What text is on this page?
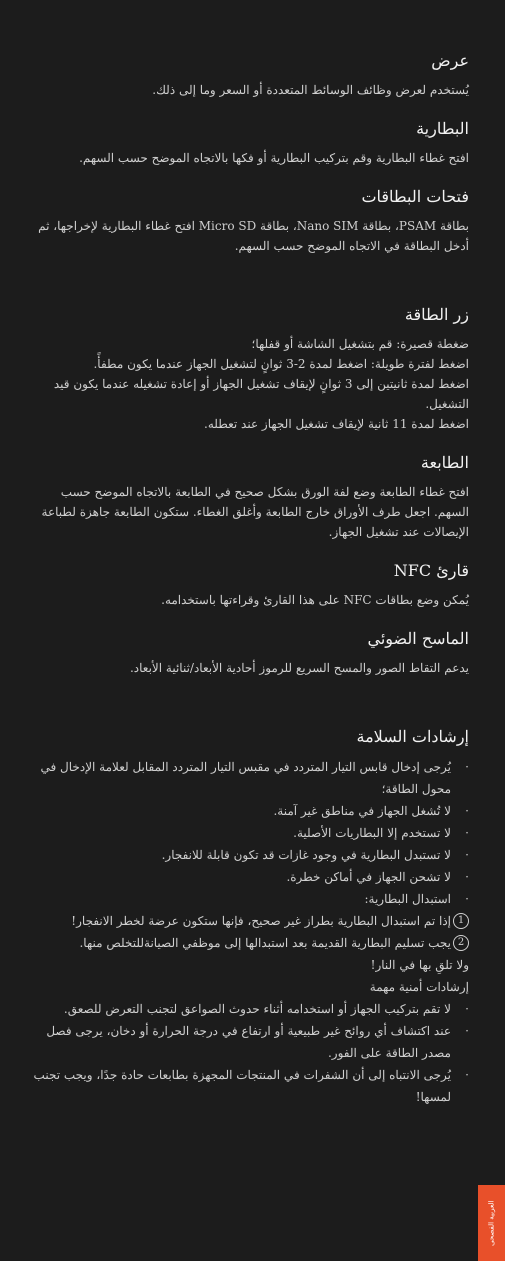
عرض

يُستخدم لعرض وظائف الوسائط المتعددة أو السعر وما إلى ذلك.

البطارية

افتح غطاء البطارية وقم بتركيب البطارية أو فكها بالاتجاه الموضح حسب السهم.

فتحات البطاقات

بطاقة PSAM، بطاقة Nano SIM، بطاقة Micro SD افتح غطاء البطارية لإخراجها، ثم أدخل البطاقة في الاتجاه الموضح حسب السهم.

زر الطاقة
ضغطة قصيرة: قم بتشغيل الشاشة أو قفلها؛
اضغط لفترة طويلة: اضغط لمدة 2-3 ثوانٍ لتشغيل الجهاز عندما يكون مطفأً.
اضغط لمدة ثانيتين إلى 3 ثوانٍ لإيقاف تشغيل الجهاز أو إعادة تشغيله عندما يكون قيد التشغيل.
اضغط لمدة 11 ثانية لإيقاف تشغيل الجهاز عند تعطله.
الطابعة

افتح غطاء الطابعة وضع لفة الورق بشكل صحيح في الطابعة بالاتجاه الموضح حسب السهم. اجعل طرف الأوراق خارج الطابعة وأغلق الغطاء. ستكون الطابعة جاهزة لطباعة الإيصالات عند تشغيل الجهاز.

قارئ NFC

يُمكن وضع بطاقات NFC على هذا القارئ وقراءتها باستخدامه.

الماسح الضوئي

يدعم التقاط الصور والمسح السريع للرموز أحادية الأبعاد/ثنائية الأبعاد.

إرشادات السلامة
·
يُرجى إدخال قابس التيار المتردد في مقبس التيار المتردد المقابل لعلامة الإدخال في محول الطاقة؛
·
لا تُشغل الجهاز في مناطق غير آمنة.
·
لا تستخدم إلا البطاريات الأصلية.
·
لا تستبدل البطارية في وجود غازات قد تكون قابلة للانفجار.
·
لا تشحن الجهاز في أماكن خطرة.
·
استبدال البطارية:
1
إذا تم استبدال البطارية بطراز غير صحيح، فإنها ستكون عرضة لخطر الانفجار!
2
يجب تسليم البطارية القديمة بعد استبدالها إلى موظفي الصيانةللتخلص منها.

ولا تلقِ بها في النار!

إرشادات أمنية مهمة

·
لا تقم بتركيب الجهاز أو استخدامه أثناء حدوث الصواعق لتجنب التعرض للصعق.
·
عند اكتشاف أي روائح غير طبيعية أو ارتفاع في درجة الحرارة أو دخان، يرجى فصل مصدر الطاقة على الفور.
·
يُرجى الانتباه إلى أن الشفرات في المنتجات المجهزة بطابعات حادة جدًا، ويجب تجنب لمسها!
العربية الفصحى
